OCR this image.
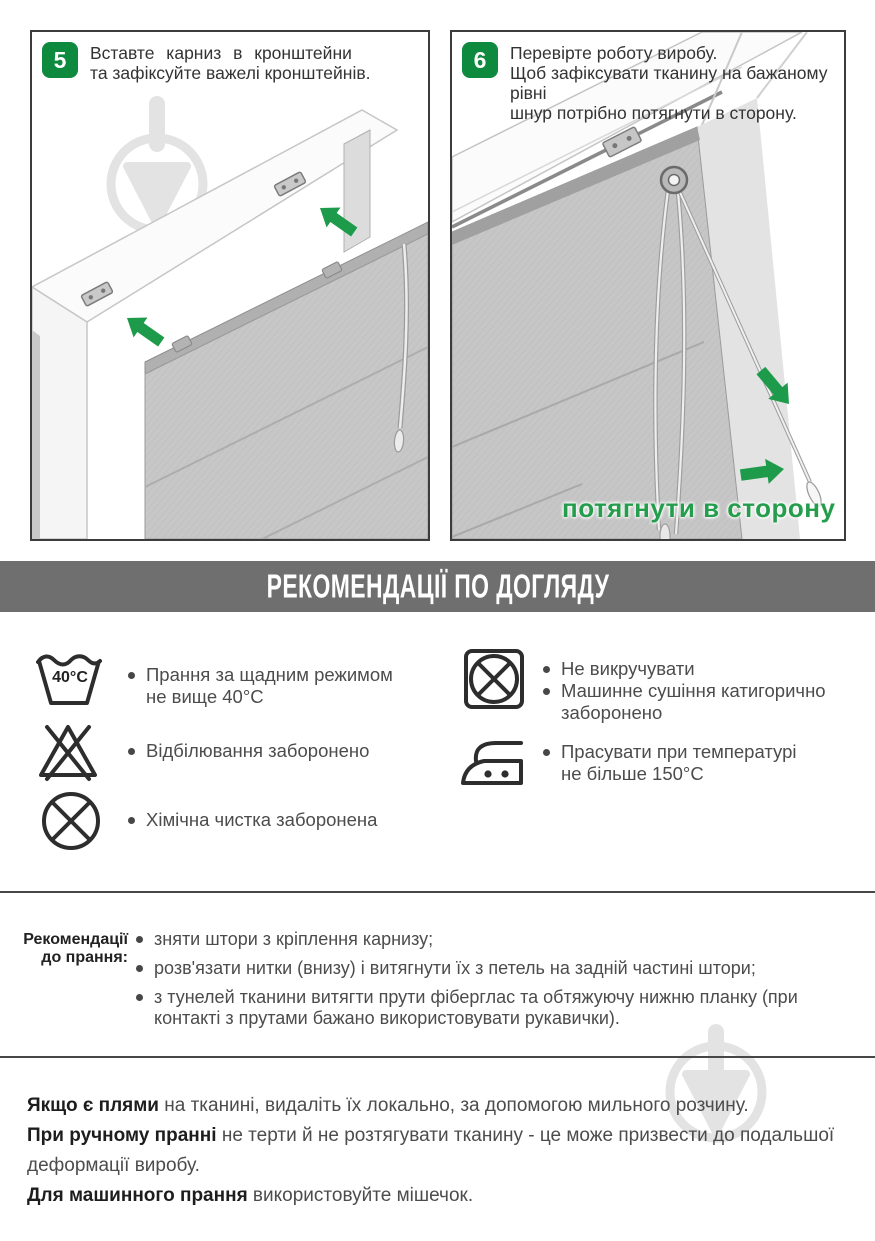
5	Вставте карниз в кронштейни
та зафіксуйте важелі кронштейнів.
6	Перевірте роботу виробу.
Щоб зафіксувати тканину на бажаному рівні
шнур потрібно потягнути в сторону.
потягнути в сторону
РЕКОМЕНДАЦІЇ ПО ДОГЛЯДУ
40°C	Прання за щадним режимом
не вище 40°С
Відбілювання заборонено
Хімічна чистка заборонена
Не викручувати
Машинне сушіння катигорично
заборонено
Прасувати при температурі
не більше 150°С
Рекомендації
до прання:
зняти штори з кріплення карнизу;
розв'язати нитки (внизу) і витягнути їх з петель на задній частині штори;
з тунелей тканини витягти прути фіберглас та обтяжуючу нижню планку (при контакті з прутами бажано використовувати рукавички).
Якщо є плями на тканині, видаліть їх локально, за допомогою мильного розчину.
При ручному пранні не терти й не розтягувати тканину - це може призвести до подальшої деформації виробу.
Для машинного прання використовуйте мішечок.
